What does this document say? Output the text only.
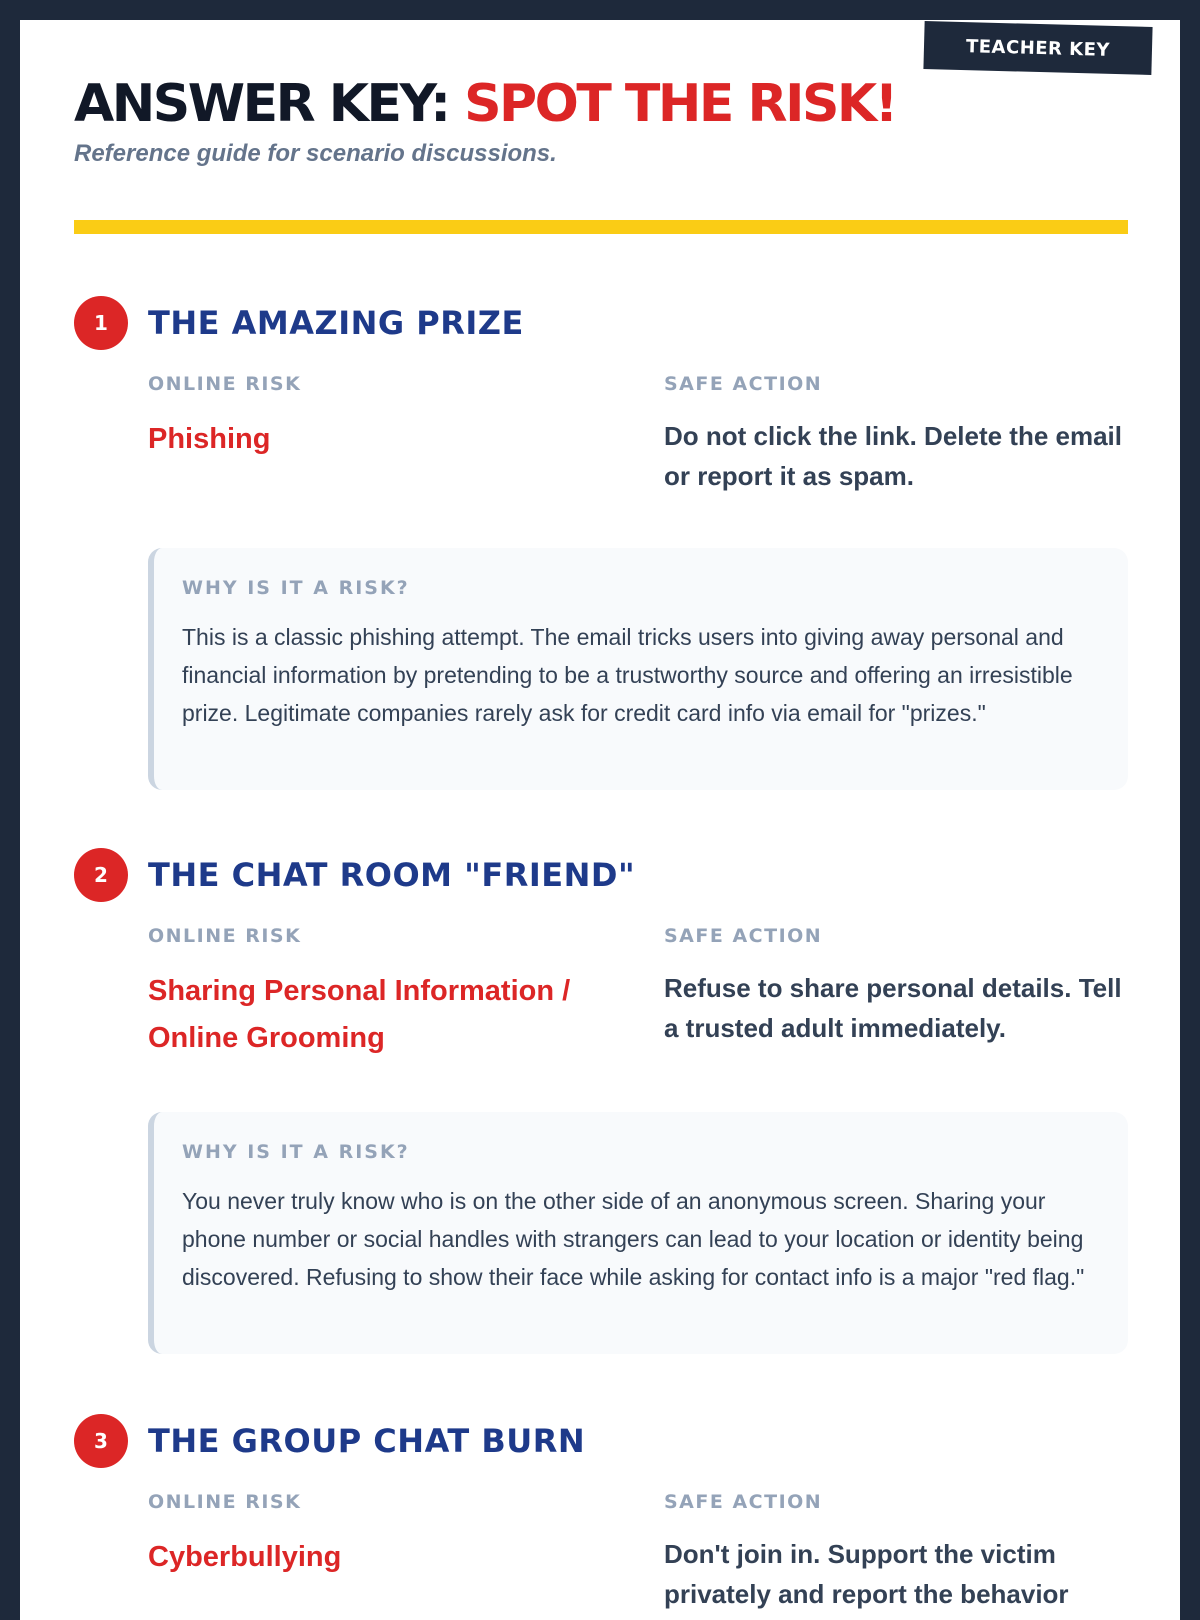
TEACHER KEY
ANSWER KEY: SPOT THE RISK!
Reference guide for scenario discussions.
1	THE AMAZING PRIZE
ONLINE RISK
Phishing
SAFE ACTION
Do not click the link. Delete the email or report it as spam.
WHY IS IT A RISK?
This is a classic phishing attempt. The email tricks users into giving away personal and financial information by pretending to be a trustworthy source and offering an irresistible prize. Legitimate companies rarely ask for credit card info via email for "prizes."
2	THE CHAT ROOM "FRIEND"
ONLINE RISK
Sharing Personal Information / Online Grooming
SAFE ACTION
Refuse to share personal details. Tell a trusted adult immediately.
WHY IS IT A RISK?
You never truly know who is on the other side of an anonymous screen. Sharing your phone number or social handles with strangers can lead to your location or identity being discovered. Refusing to show their face while asking for contact info is a major "red flag."
3	THE GROUP CHAT BURN
ONLINE RISK
Cyberbullying
SAFE ACTION
Don't join in. Support the victim privately and report the behavior
